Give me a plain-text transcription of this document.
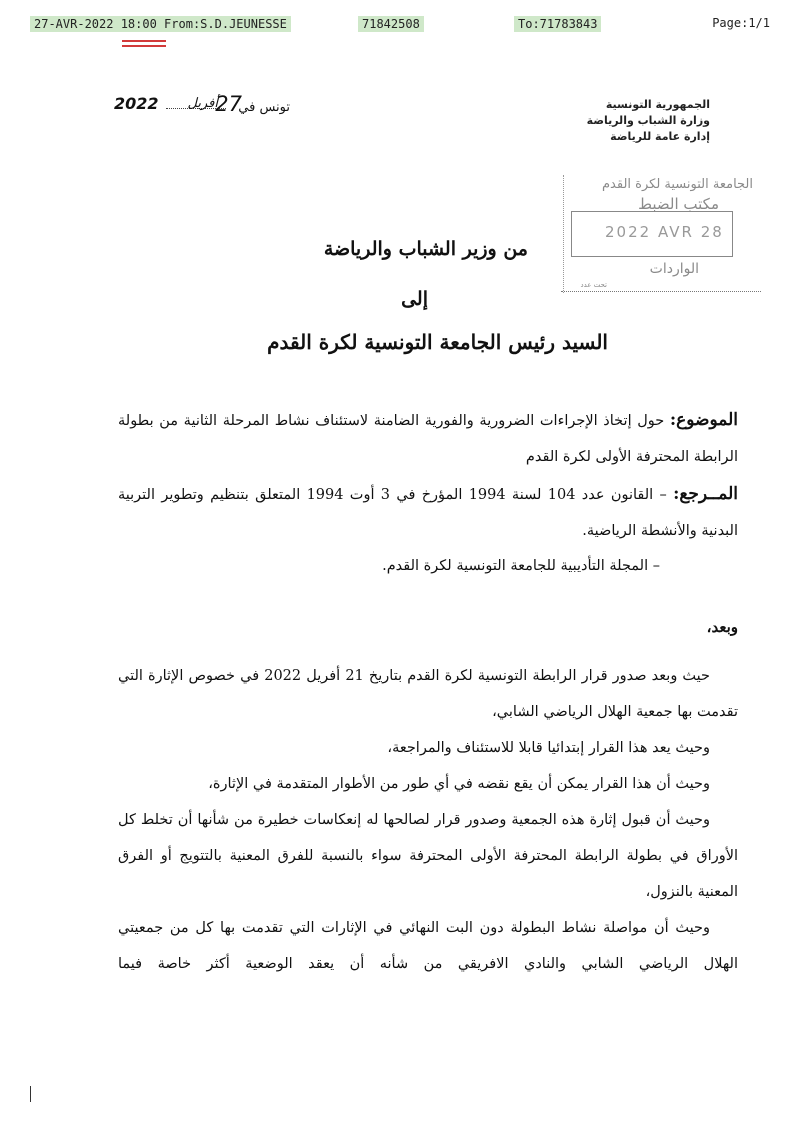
27-AVR-2022 18:00 From:S.D.JEUNESSE	71842508	To:71783843	Page:1/1
تونس في
27
أفريل
2022	الجمهورية التونسية
وزارة الشباب والرياضة
إدارة عامة للرياضة
الجامعة التونسية لكرة القدم
مكتب الضبط
2022 AVR 28
الواردات
تحت عدد
من وزير الشباب والرياضة
إلى
السيد رئيس الجامعة التونسية لكرة القدم

الموضوع: حول إتخاذ الإجراءات الضرورية والفورية الضامنة لاستئناف نشاط المرحلة الثانية من بطولة الرابطة المحترفة الأولى لكرة القدم

المــرجع: – القانون عدد 104 لسنة 1994 المؤرخ في 3 أوت 1994 المتعلق بتنظيم وتطوير التربية البدنية والأنشطة الرياضية.

– المجلة التأديبية للجامعة التونسية لكرة القدم.

وبعد،

حيث وبعد صدور قرار الرابطة التونسية لكرة القدم بتاريخ 21 أفريل 2022 في خصوص الإثارة التي تقدمت بها جمعية الهلال الرياضي الشابي،

وحيث يعد هذا القرار إبتدائيا قابلا للاستئناف والمراجعة،

وحيث أن هذا القرار يمكن أن يقع نقضه في أي طور من الأطوار المتقدمة في الإثارة،

وحيث أن قبول إثارة هذه الجمعية وصدور قرار لصالحها له إنعكاسات خطيرة من شأنها أن تخلط كل الأوراق في بطولة الرابطة المحترفة الأولى المحترفة سواء بالنسبة للفرق المعنية بالتتويج أو الفرق المعنية بالنزول،

وحيث أن مواصلة نشاط البطولة دون البت النهائي في الإثارات التي تقدمت بها كل من جمعيتي الهلال الرياضي الشابي والنادي الافريقي من شأنه أن يعقد الوضعية أكثر خاصة فيما
